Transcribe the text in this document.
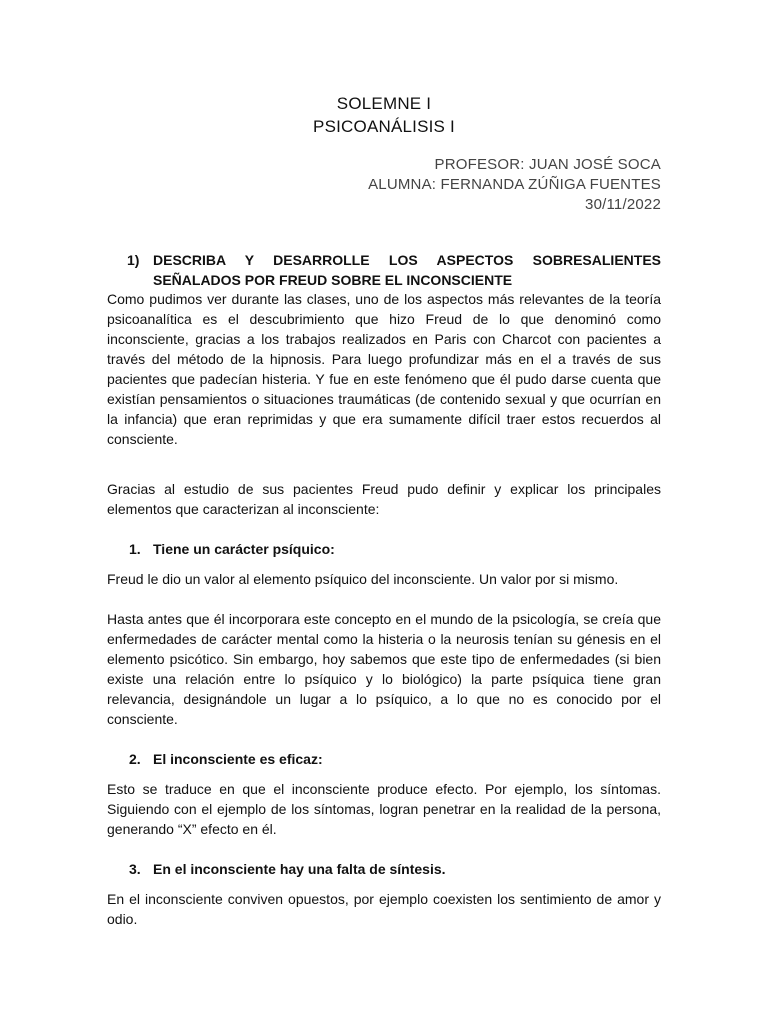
SOLEMNE I
PSICOANÁLISIS I
PROFESOR: JUAN JOSÉ SOCA
ALUMNA: FERNANDA ZÚÑIGA FUENTES
30/11/2022
1) DESCRIBA Y DESARROLLE LOS ASPECTOS SOBRESALIENTES SEÑALADOS POR FREUD SOBRE EL INCONSCIENTE

Como pudimos ver durante las clases, uno de los aspectos más relevantes de la teoría psicoanalítica es el descubrimiento que hizo Freud de lo que denominó como inconsciente, gracias a los trabajos realizados en Paris con Charcot con pacientes a través del método de la hipnosis. Para luego profundizar más en el a través de sus pacientes que padecían histeria. Y fue en este fenómeno que él pudo darse cuenta que existían pensamientos o situaciones traumáticas (de contenido sexual y que ocurrían en la infancia) que eran reprimidas y que era sumamente difícil traer estos recuerdos al consciente.

Gracias al estudio de sus pacientes Freud pudo definir y explicar los principales elementos que caracterizan al inconsciente:

1. Tiene un carácter psíquico:

Freud le dio un valor al elemento psíquico del inconsciente. Un valor por si mismo.

Hasta antes que él incorporara este concepto en el mundo de la psicología, se creía que enfermedades de carácter mental como la histeria o la neurosis tenían su génesis en el elemento psicótico. Sin embargo, hoy sabemos que este tipo de enfermedades (si bien existe una relación entre lo psíquico y lo biológico) la parte psíquica tiene gran relevancia, designándole un lugar a lo psíquico, a lo que no es conocido por el consciente.

2. El inconsciente es eficaz:

Esto se traduce en que el inconsciente produce efecto. Por ejemplo, los síntomas. Siguiendo con el ejemplo de los síntomas, logran penetrar en la realidad de la persona, generando “X” efecto en él.

3. En el inconsciente hay una falta de síntesis.

En el inconsciente conviven opuestos, por ejemplo coexisten los sentimiento de amor y odio.
